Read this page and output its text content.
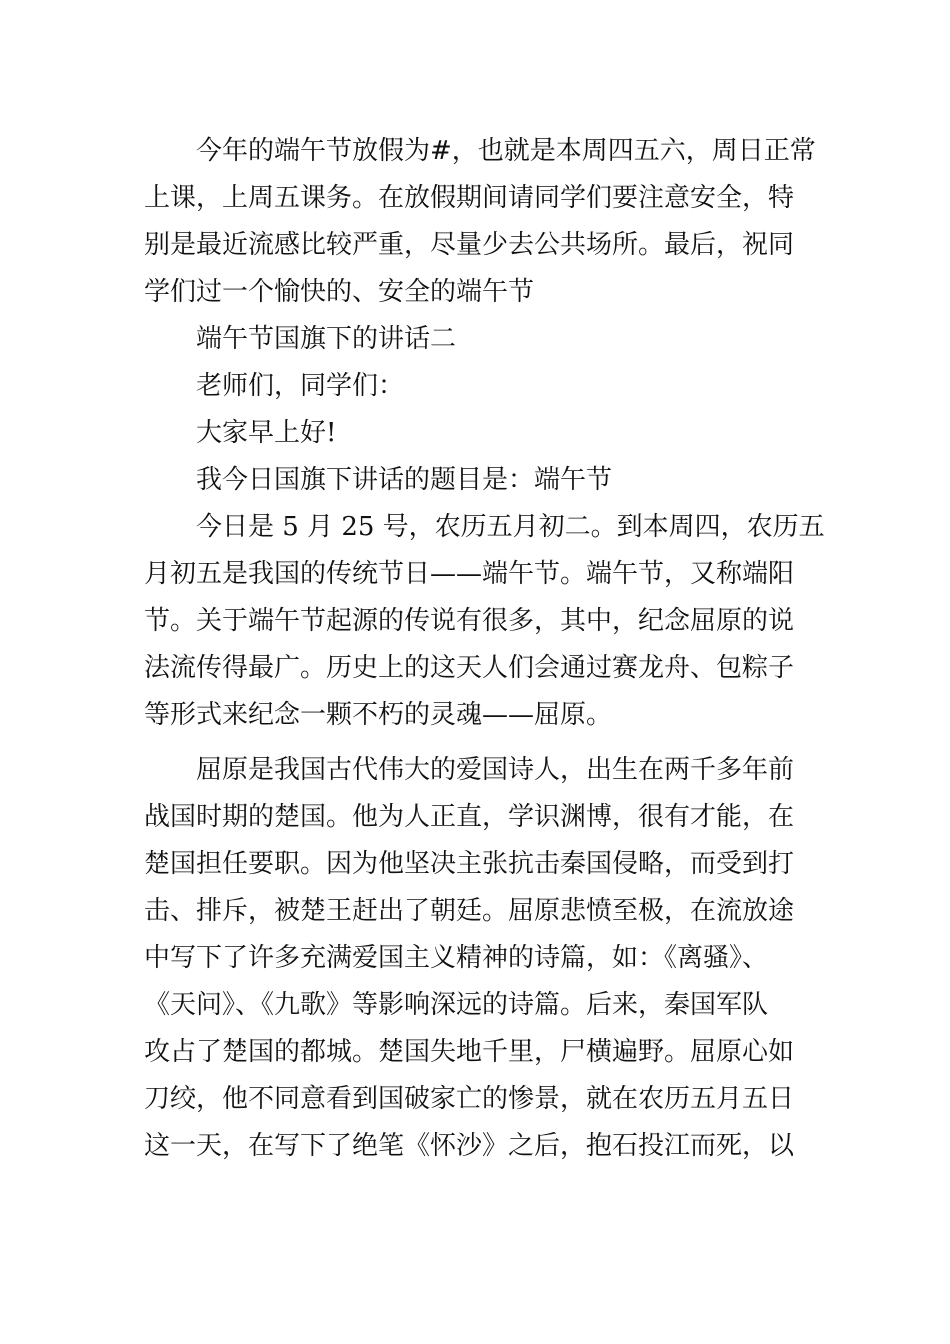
今年的端午节放假为#，也就是本周四五六，周日正常
上课，上周五课务。在放假期间请同学们要注意安全，特
别是最近流感比较严重，尽量少去公共场所。最后，祝同
学们过一个愉快的、安全的端午节
端午节国旗下的讲话二
老师们，同学们：
大家早上好!
我今日国旗下讲话的题目是：端午节
今日是 5 月 25 号，农历五月初二。到本周四，农历五
月初五是我国的传统节日——端午节。端午节，又称端阳
节。关于端午节起源的传说有很多，其中，纪念屈原的说
法流传得最广。历史上的这天人们会通过赛龙舟、包粽子
等形式来纪念一颗不朽的灵魂——屈原。
屈原是我国古代伟大的爱国诗人，出生在两千多年前
战国时期的楚国。他为人正直，学识渊博，很有才能，在
楚国担任要职。因为他坚决主张抗击秦国侵略，而受到打
击、排斥，被楚王赶出了朝廷。屈原悲愤至极，在流放途
中写下了许多充满爱国主义精神的诗篇，如：《离骚》、
《天问》、《九歌》等影响深远的诗篇。后来，秦国军队
攻占了楚国的都城。楚国失地千里，尸横遍野。屈原心如
刀绞，他不同意看到国破家亡的惨景，就在农历五月五日
这一天，在写下了绝笔《怀沙》之后，抱石投江而死，以
